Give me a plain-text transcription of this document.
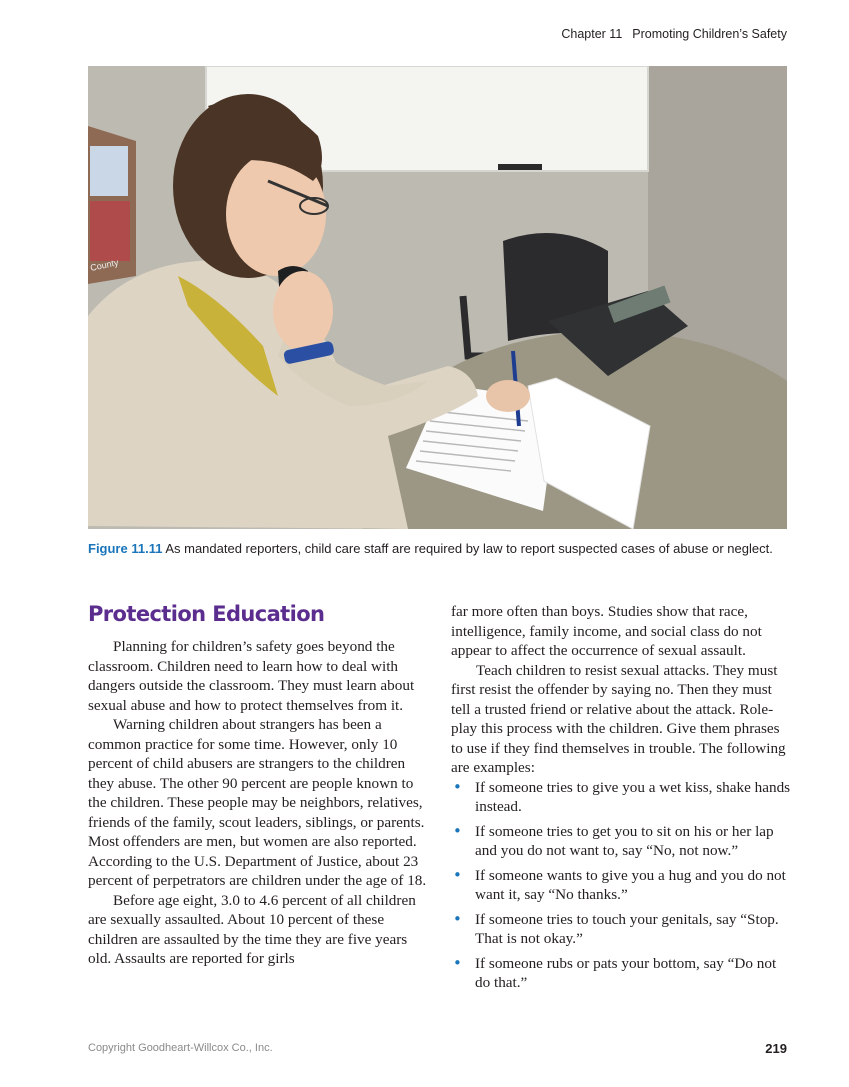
Chapter 11 Promoting Children’s Safety
County
Figure 11.11 As mandated reporters, child care staff are required by law to report suspected cases of abuse or neglect.
Protection Education

Planning for children’s safety goes beyond the classroom. Children need to learn how to deal with dangers outside the classroom. They must learn about sexual abuse and how to protect themselves from it.

Warning children about strangers has been a common practice for some time. However, only 10 percent of child abusers are strangers to the children they abuse. The other 90 percent are people known to the children. These people may be neighbors, relatives, friends of the family, scout leaders, siblings, or parents. Most offenders are men, but women are also reported. According to the U.S. Department of Justice, about 23 percent of perpetrators are children under the age of 18.

Before age eight, 3.0 to 4.6 percent of all children are sexually assaulted. About 10 percent of these children are assaulted by the time they are five years old. Assaults are reported for girls

far more often than boys. Studies show that race, intelligence, family income, and social class do not appear to affect the occurrence of sexual assault.

Teach children to resist sexual attacks. They must first resist the offender by saying no. Then they must tell a trusted friend or relative about the attack. Role-play this process with the children. Give them phrases to use if they find themselves in trouble. The following are examples:

• If someone tries to give you a wet kiss, shake hands instead.
• If someone tries to get you to sit on his or her lap and you do not want to, say “No, not now.”
• If someone wants to give you a hug and you do not want it, say “No thanks.”
• If someone tries to touch your genitals, say “Stop. That is not okay.”
• If someone rubs or pats your bottom, say “Do not do that.”
Copyright Goodheart-Willcox Co., Inc.	219
